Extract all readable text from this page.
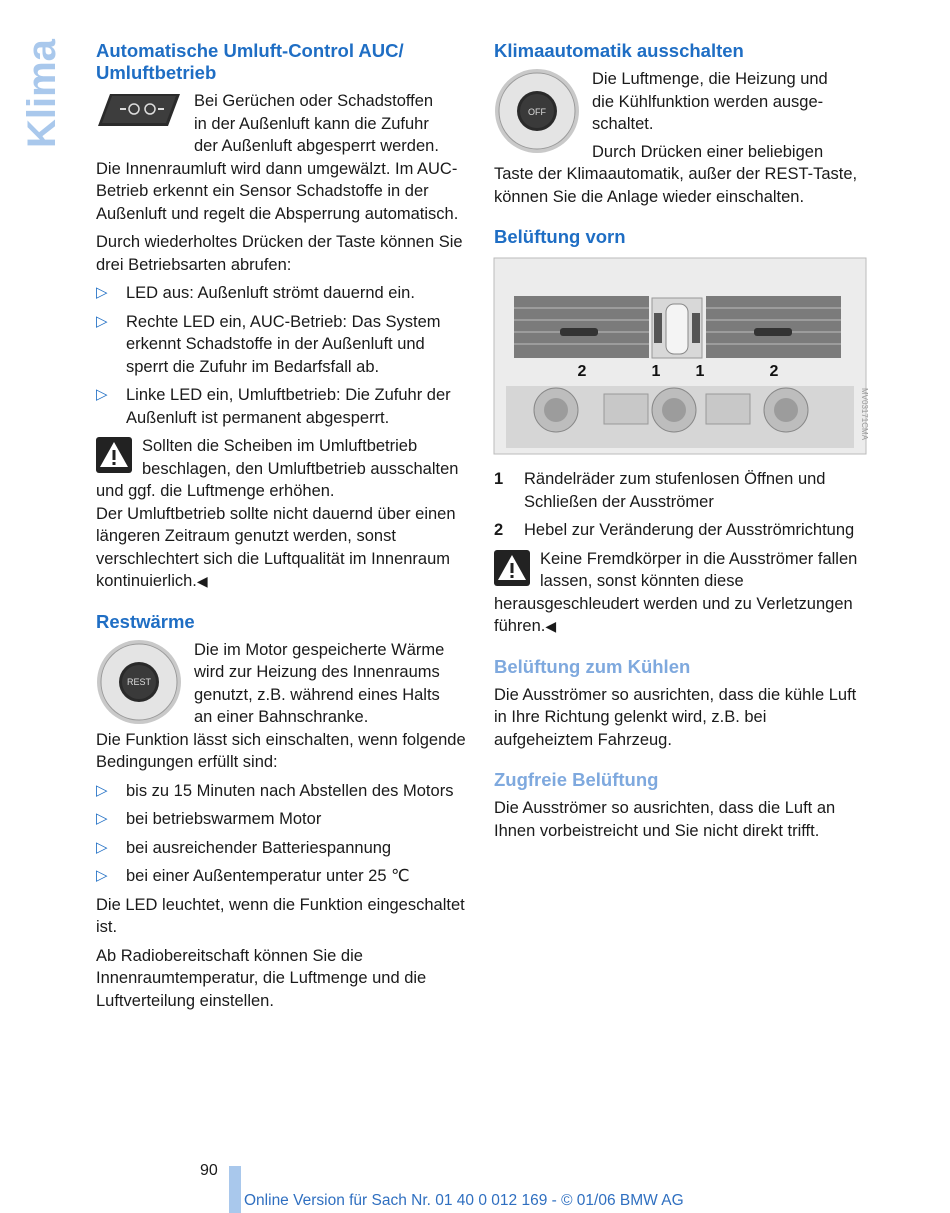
Klima Automatische Umluft-Control AUC/ Umluftbetrieb

Bei Gerüchen oder Schadstoffen

in der Außenluft kann die Zufuhr

der Außenluft abgesperrt werden.

Die Innenraumluft wird dann umgewälzt. Im AUC-Betrieb erkennt ein Sensor Schadstoffe in der Außenluft und regelt die Absperrung automatisch.

Durch wiederholtes Drücken der Taste können Sie drei Betriebsarten abrufen:

▷ LED aus: Außenluft strömt dauernd ein.
▷ Rechte LED ein, AUC-Betrieb: Das System erkennt Schadstoffe in der Außenluft und sperrt die Zufuhr im Bedarfsfall ab.
▷ Linke LED ein, Umluftbetrieb: Die Zufuhr der Außenluft ist permanent abgesperrt.

Sollten die Scheiben im Umluftbetrieb beschlagen, den Umluftbetrieb ausschalten und ggf. die Luftmenge erhöhen.

Der Umluftbetrieb sollte nicht dauernd über einen längeren Zeitraum genutzt werden, sonst verschlechtert sich die Luftqualität im Innenraum kontinuierlich.◀

Restwärme
REST

Die im Motor gespeicherte Wärme

wird zur Heizung des Innenraums

genutzt, z.B. während eines Halts

an einer Bahnschranke.

Die Funktion lässt sich einschalten, wenn folgende Bedingungen erfüllt sind:

▷ bis zu 15 Minuten nach Abstellen des Motors
▷ bei betriebswarmem Motor
▷ bei ausreichender Batteriespannung
▷ bei einer Außentemperatur unter 25 ℃

Die LED leuchtet, wenn die Funktion eingeschaltet ist.

Ab Radiobereitschaft können Sie die Innenraumtemperatur, die Luftmenge und die Luftverteilung einstellen.

Klimaautomatik ausschalten
OFF

Die Luftmenge, die Heizung und

die Kühlfunktion werden ausge-

schaltet.

Durch Drücken einer beliebigen

Taste der Klimaautomatik, außer der REST-Taste, können Sie die Anlage wieder einschalten.

Belüftung vorn
2	1 1	2
MV03171CMA
1 Rändelräder zum stufenlosen Öffnen und Schließen der Ausströmer
2 Hebel zur Veränderung der Ausströmrichtung

Keine Fremdkörper in die Ausströmer fallen lassen, sonst könnten diese herausgeschleudert werden und zu Verletzungen führen.◀

Belüftung zum Kühlen

Die Ausströmer so ausrichten, dass die kühle Luft in Ihre Richtung gelenkt wird, z.B. bei aufgeheiztem Fahrzeug.

Zugfreie Belüftung

Die Ausströmer so ausrichten, dass die Luft an Ihnen vorbeistreicht und Sie nicht direkt trifft.

90
Online Version für Sach Nr. 01 40 0 012 169 - © 01/06 BMW AG
